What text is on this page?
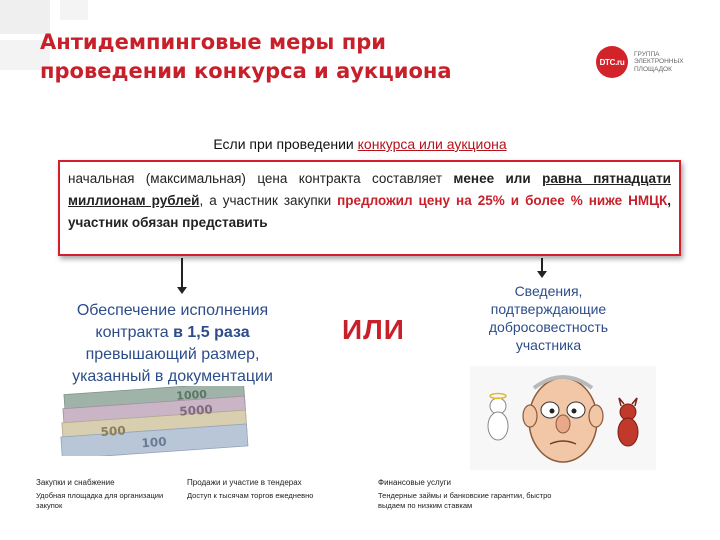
Антидемпинговые меры при проведении конкурса и аукциона	DTC.ru
ГРУППА
ЭЛЕКТРОННЫХ
ПЛОЩАДОК
Если при проведении конкурса или аукциона
начальная (максимальная) цена контракта составляет менее или равна пятнадцати миллионам рублей, а участник закупки предложил цену на 25% и более % ниже НМЦК, участник обязан представить
Обеспечение исполнения контракта в 1,5 раза превышающий размер, указанный в документации
ИЛИ
Сведения, подтверждающие добросовестность участника
1000
5000
500
100
Закупки и снабжение
Удобная площадка для организации закупок
Продажи и участие в тендерах
Доступ к тысячам торгов ежедневно
Финансовые услуги
Тендерные займы и банковские гарантии, быстро выдаем по низким ставкам
